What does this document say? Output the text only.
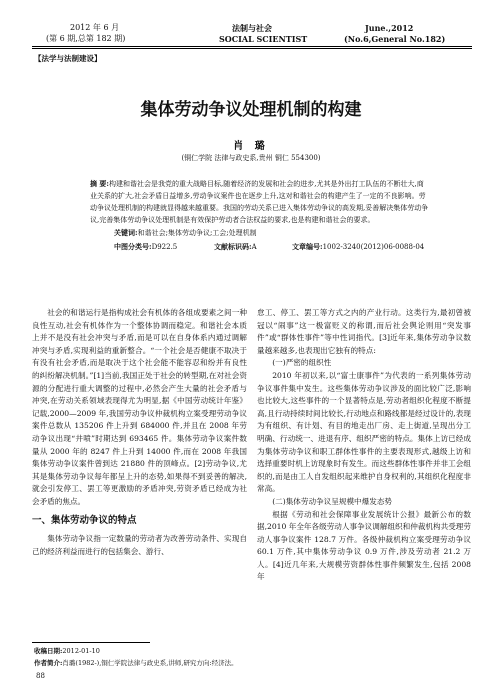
2012 年 6 月
(第 6 期,总第 182 期)
法制与社会
SOCIAL SCIENTIST
June.,2012
(No.6,General No.182)
【法学与法制建设】
集体劳动争议处理机制的构建
肖 璐
(铜仁学院 法律与政史系,贵州 铜仁 554300)
摘 要:构建和谐社会是我党的重大战略目标,随着经济的发展和社会的进步,尤其是外出打工队伍的不断壮大,商业关系的扩大,社会矛盾日益增多,劳动争议案件也在逐步上升,这对和谐社会的构建产生了一定的不良影响。劳动争议处理机制的构建就显得越来越重要。我国的劳动关系已进入集体劳动争议的高发期,妥善解决集体劳动争议,完善集体劳动争议处理机制是有效保护劳动者合法权益的要求,也是构建和谐社会的要求。
关键词:和谐社会;集体劳动争议;工会;处理机制
中图分类号:D922.5	文献标识码:A	文章编号:1002-3240(2012)06-0088-04

社会的和谐运行是指构成社会有机体的各组成要素之间一种良性互动,社会有机体作为一个整体协调而稳定。和谐社会本质上并不是没有社会冲突与矛盾,而是可以在自身体系内通过调解冲突与矛盾,实现利益的重新整合。“一个社会是否健康不取决于有没有社会矛盾,而是取决于这个社会能不能容忍和纷并有良性的纠纷解决机制。”[1]当前,我国正处于社会的转型期,在对社会资源的分配进行重大调整的过程中,必然会产生大量的社会矛盾与冲突,在劳动关系领域表现得尤为明显,据《中国劳动统计年鉴》记载,2000—2009 年,我国劳动争议仲裁机构立案受理劳动争议案件总数从 135206 件上升到 684000 件,并且在 2008 年劳动争议出现“井喷”时期达到 693465 件。集体劳动争议案件数量从 2000 年的 8247 件上升到 14000 件,而在 2008 年我国集体劳动争议案件曾到达 21880 件的顶峰点。[2]劳动争议,尤其是集体劳动争议每年都呈上升的态势,如果得不到妥善的解决,就会引发停工、罢工等更激励的矛盾冲突,劳资矛盾已经成为社会矛盾的焦点。

一、集体劳动争议的特点

集体劳动争议指一定数量的劳动者为改善劳动条件、实现自己的经济利益而进行的包括集会、游行、

怠工、停工、罢工等方式之内的产业行动。这类行为,最初曾被冠以“闹事”这一极富贬义的称谓,而后社会舆论则用“突发事件”或“群体性事件”等中性词指代。[3]近年来,集体劳动争议数量越来越多,也表现出它独有的特点:

(一)严密的组织性

2010 年初以来,以“富士康事件”为代表的一系列集体劳动争议事件集中发生。这些集体劳动争议涉及的面比较广泛,影响也比较大,这些事件的一个显著特点是,劳动者组织化程度不断提高,且行动持续时间比较长,行动地点和路线都是经过设计的,表现为有组织、有计划、有目的地走出厂房、走上街道,呈现出分工明确、行动统一、进退有序、组织严密的特点。集体上访已经成为集体劳动争议和职工群体性事件的主要表现形式,越级上访和选择重要时机上访现象时有发生。而这些群体性事件并非工会组织的,而是由工人自发组织起来维护自身权利的,其组织化程度非常高。

(二)集体劳动争议呈规模中爆发态势

根据《劳动和社会保障事业发展统计公报》最新公布的数据,2010 年全年各级劳动人事争议调解组织和仲裁机构共受理劳动人事争议案件 128.7 万件。各级仲裁机构立案受理劳动争议 60.1 万件,其中集体劳动争议 0.9 万件,涉及劳动者 21.2 万人。[4]近几年来,大规模劳资群体性事件频繁发生,包括 2008 年

收稿日期:2012-01-10
作者简介:肖璐(1982-),铜仁学院法律与政史系,讲师,研究方向:经济法。
88
